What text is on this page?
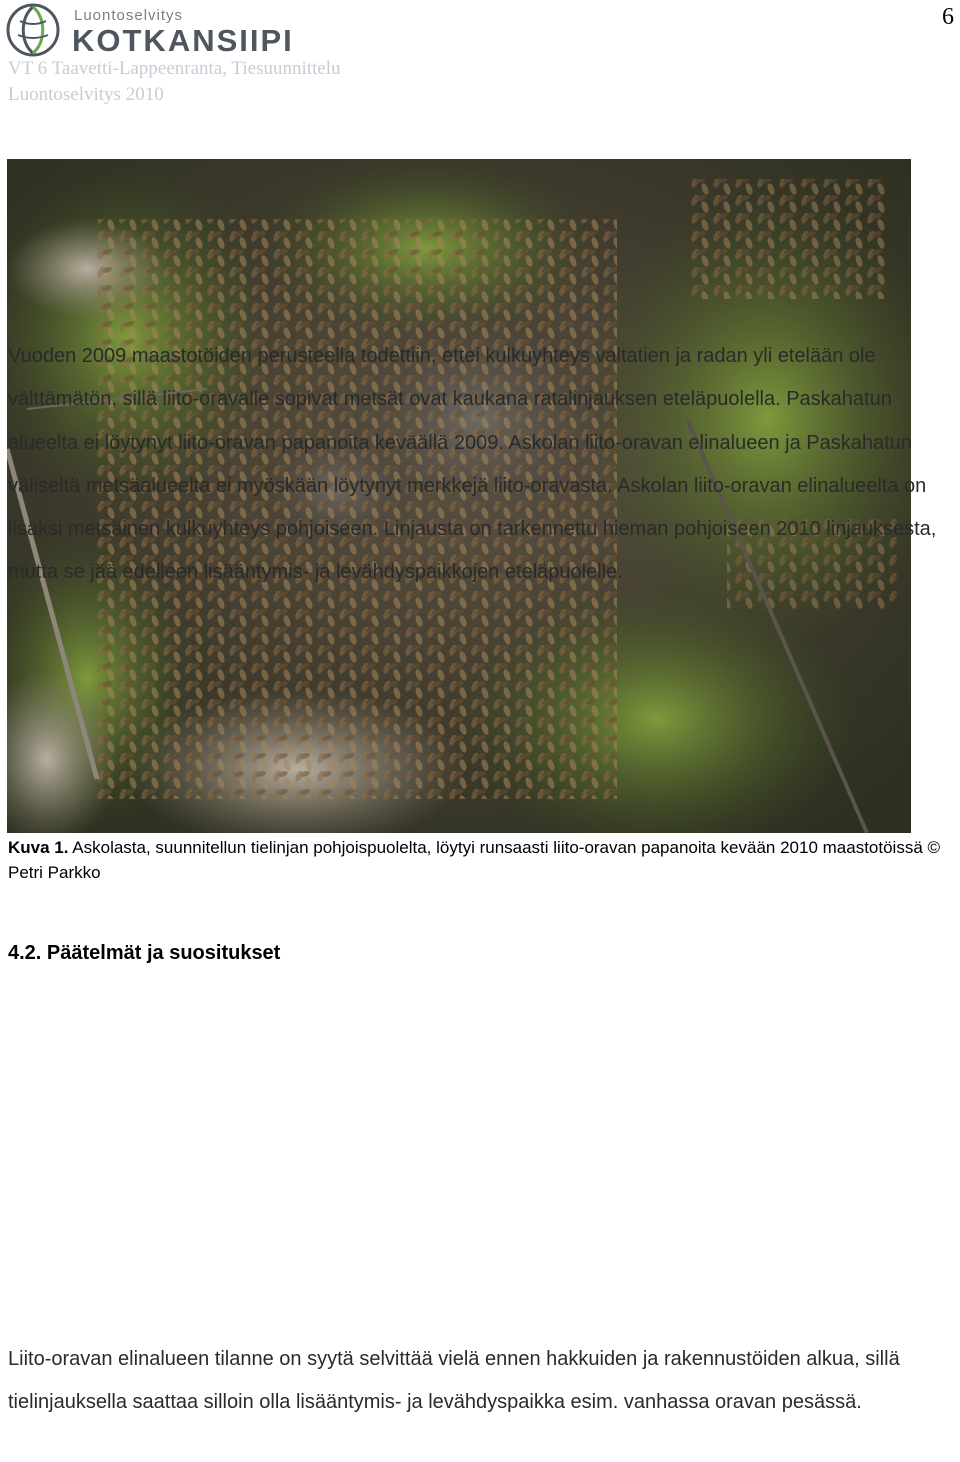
Luontoselvitys
KOTKANSIIPI
6
VT 6 Taavetti-Lappeenranta, Tiesuunnittelu
Luontoselvitys 2010
Kuva 1. Askolasta, suunnitellun tielinjan pohjoispuolelta, löytyi runsaasti liito-oravan papanoita kevään 2010 maastotöissä © Petri Parkko
4.2. Päätelmät ja suositukset

Vuoden 2009 maastotöiden perusteella todettiin, ettei kulkuyhteys valtatien ja radan yli etelään ole välttämätön, sillä liito-oravalle sopivat metsät ovat kaukana ratalinjauksen eteläpuolella. Paskahatun alueelta ei löytynyt liito-oravan papanoita keväällä 2009. Askolan liito-oravan elinalueen ja Paskahatun väliseltä metsäalueelta ei myöskään löytynyt merkkejä liito-oravasta. Askolan liito-oravan elinalueelta on lisäksi metsäinen kulkuyhteys pohjoiseen. Linjausta on tarkennettu hieman pohjoiseen 2010 linjauksesta, mutta se jää edelleen lisääntymis- ja levähdyspaikkojen eteläpuolelle.

Liito-oravan elinalueen tilanne on syytä selvittää vielä ennen hakkuiden ja rakennustöiden alkua, sillä tielinjauksella saattaa silloin olla lisääntymis- ja levähdyspaikka esim. vanhassa oravan pesässä.
